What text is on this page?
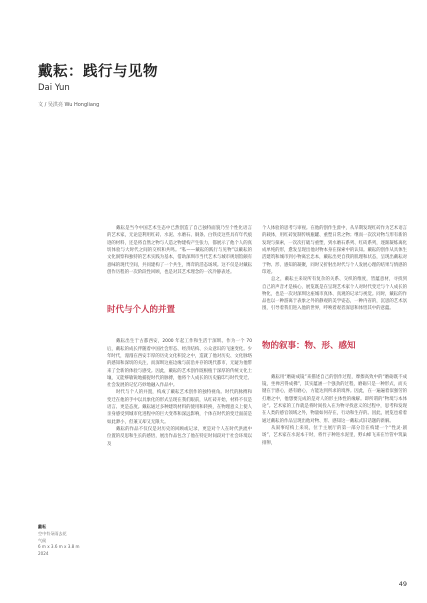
戴耘：践行与见物

Dai Yun

文 / 吴洪亮 Wu Hongliang

戴耘是当今中国艺术生态中已然创造了自己独特面貌乃至个性化语言的艺术家，无论是利用红砖、水泥、水磨石、铜条、白铁皮这些具有年代痕迹的材料，还是将自然之物与人造之物建构产生张力，都展示了他个人的真切体验与大时代之间的交织和共鸣。“私——戴耘的践行与见物”以戴耘的文化洞察和独特的艺术实践为基本，借助深圳市当代艺术与城市规划馆颇有意味的现代空间，共同建构了一个共生，博弈的活态场域。这不仅是对戴耘创作历程的一次阶段性回顾，也是对其艺术理念的一次冷静表述。

时代与个人的并置

戴耘出生于古都西安，2000 年起工作和生活于深圳。作为一个 70 后，戴耘的成长伴随着中国社会形态、经济结构、公众意识的飞速变化。少年时代，漫漫在西安丰厚的历史文化积淀之中，造就了他对历史、文化脉络的感知和深切的关注，而深圳这座边缘与前沿并存的现代都市，无疑为他带来了全新的体验与感受。因此，戴耘的艺术创作既根植于深厚的传统文化土壤，又能够敏锐地捕捉时代的脉搏，他将个人成长的历史脑印与时代变迁、社会发展的记忆巧妙地融入作品中。

时代与个人的并置，构成了戴耘艺术创作的独特视角。时代的脉搏和变迁在他的手中以具象化的形式呈现在我们眼前，从红砖开始，材料不仅是语言、更是态度。戴耘通过多种建筑材料的使用和转换，在物理意义上使人亲身感受到城市化进程中的巨大变革和深远影响，个体在时代的变迁面前是如此渺小，但兼又却又无限大。

戴耘的作品不仅仅是对历史的回顾或记录，更是对个人在时代洪流中位置的反思和生长的感悟，展出作品包含了他在特定时间段对于社会环境以及

个人体验的思考与审视。在他的创作生涯中，从早期发现红砖作为艺术语言的载体，用红砖复制传统瓶罐、重塑日常之物；继而一次次对物与形有新的发现与探索，一次次打破与重塑，到水磨石系列、红砖系列，逐渐凝练离化成单纯的形，愈发呈现出他对物本身在探索中的认知。戴耘的创作从具体生活建筑和城市到小物离宏忠本，戴耘出更自我的肌理和状态，呈现出戴耘对于物、形、感知的凝聚，同时又折射出时代与个人发展心理的结果与情感的印迹。

总之，戴耘主来说所有复杂的关系、交织的维度，皆蕴意材，寻找到自己的声音才是核心，展览既是在呈现艺术家个人对时代变迁与个人成长的物化，也是一次对深圳这座城市真体、真观的记录与视觉。同时，戴耘的作品也以一种游离于表象之外的静观的美学姿态，一种内省的，沉思的艺术氛围，引导着我们进入他的世界，呼唤着观者深思和体悟其中的意蕴。

物的叙事：物、形、感知

戴耘用“磨砺成镜”来描述自己的创作过程，摩擦高致中的“磨砺既不成镜，坐禅宫得成佛”，其实蕴涵一个强劲的过程，磨砺只是一种形式，而关键在于感心，感有磨心，方能达到所求的境界。因此，在一遍遍着似强劳的打磨之中，他想要完成的是对人的形主体性的缘解。即所谓的“物境与本体论”。艺术家的工作就是将时间投入在为物寻找意义的过程中，思考和发现在人类的感官领域之外，物量如何存在，行动和生存的。因此，展览也希着通过戴耘的作品呈现出他对物、形、感知这一戴耘式旧话题的新解。

从叙事结构上来说，位于主展厅的第一部分旨在构建一个“性灵·剧场”，艺术家在水泥本干时，将竹子种进水泥里，野山蜂飞来在竹管中筑巢排卵，

戴耘
空中有朵雨去花
气候
6 m x 3.6 m x 3.8 m
2024
49
